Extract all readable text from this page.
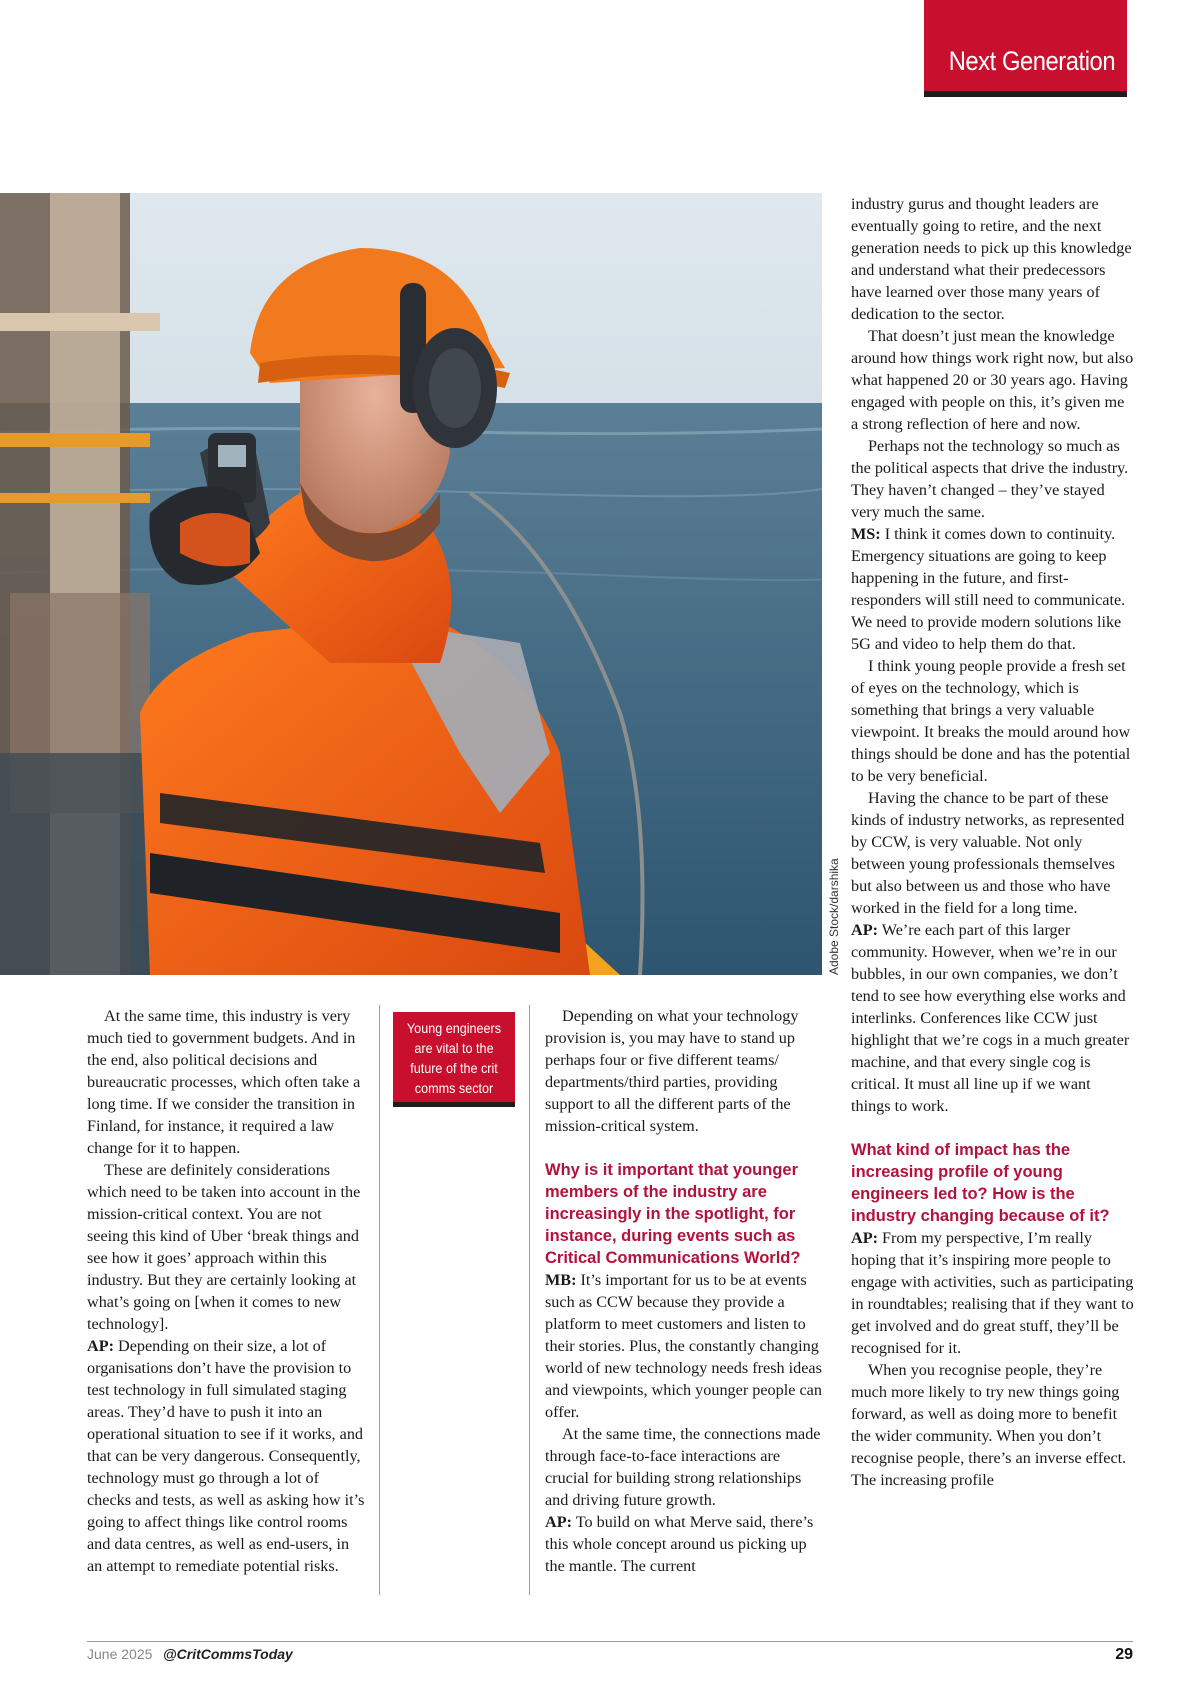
Next Generation
Adobe Stock/darshika
Young engineers are vital to the future of the crit comms sector

At the same time, this industry is very much tied to government budgets. And in the end, also political decisions and bureaucratic processes, which often take a long time. If we consider the transition in Finland, for instance, it required a law change for it to happen.

These are definitely considerations which need to be taken into account in the mission-critical context. You are not seeing this kind of Uber ‘break things and see how it goes’ approach within this industry. But they are certainly looking at what’s going on [when it comes to new technology].

AP: Depending on their size, a lot of organisations don’t have the provision to test technology in full simulated staging areas. They’d have to push it into an operational situation to see if it works, and that can be very dangerous. Consequently, technology must go through a lot of checks and tests, as well as asking how it’s going to affect things like control rooms and data centres, as well as end-users, in an attempt to remediate potential risks.

Depending on what your technology provision is, you may have to stand up perhaps four or five different teams/ departments/third parties, providing support to all the different parts of the mission-critical system.

Why is it important that younger members of the industry are increasingly in the spotlight, for instance, during events such as Critical Communications World?

MB: It’s important for us to be at events such as CCW because they provide a platform to meet customers and listen to their stories. Plus, the constantly changing world of new technology needs fresh ideas and viewpoints, which younger people can offer.

At the same time, the connections made through face-to-face interactions are crucial for building strong relationships and driving future growth.

AP: To build on what Merve said, there’s this whole concept around us picking up the mantle. The current

industry gurus and thought leaders are eventually going to retire, and the next generation needs to pick up this knowledge and understand what their predecessors have learned over those many years of dedication to the sector.

That doesn’t just mean the knowledge around how things work right now, but also what happened 20 or 30 years ago. Having engaged with people on this, it’s given me a strong reflection of here and now.

Perhaps not the technology so much as the political aspects that drive the industry. They haven’t changed – they’ve stayed very much the same.

MS: I think it comes down to continuity. Emergency situations are going to keep happening in the future, and first-responders will still need to communicate. We need to provide modern solutions like 5G and video to help them do that.

I think young people provide a fresh set of eyes on the technology, which is something that brings a very valuable viewpoint. It breaks the mould around how things should be done and has the potential to be very beneficial.

Having the chance to be part of these kinds of industry networks, as represented by CCW, is very valuable. Not only between young professionals themselves but also between us and those who have worked in the field for a long time.

AP: We’re each part of this larger community. However, when we’re in our bubbles, in our own companies, we don’t tend to see how everything else works and interlinks. Conferences like CCW just highlight that we’re cogs in a much greater machine, and that every single cog is critical. It must all line up if we want things to work.

What kind of impact has the increasing profile of young engineers led to? How is the industry changing because of it?

AP: From my perspective, I’m really hoping that it’s inspiring more people to engage with activities, such as participating in roundtables; realising that if they want to get involved and do great stuff, they’ll be recognised for it.

When you recognise people, they’re much more likely to try new things going forward, as well as doing more to benefit the wider community. When you don’t recognise people, there’s an inverse effect. The increasing profile

June 2025 @CritCommsToday	29
